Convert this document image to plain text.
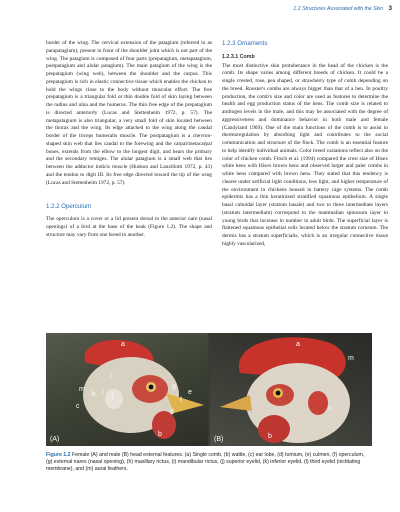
1.2 Structures Associated with the Skin 3

border of the wing. The cervical extension of the patagium (referred to as parapatagium), present in front of the shoulder joint which is not part of the wing. The patagium is composed of four parts (prepatagium, metapatagium, postpatagium and alular patagium). The main patagium of the wing is the prepatagium (wing web), between the shoulder and the carpus. This prepatagium is rich in elastic connective tissue which enables the chicken to hold the wings close to the body without muscular effort. The free prepatagium is a triangular fold or thin double fold of skin laying between the radius and ulna and the humerus. The thin free edge of the prepatagium is directed anteriorly (Lucas and Stettenheim 1972, p. 57). The metapatagium is also triangular, a very small fold of skin located between the thorax and the wing. Its edge attached to the wing along the caudal border of the triceps humeralis muscle. The postpatagium is a chevron-shaped skin web that lies caudal to the forewing and the carpal/metacarpal bones, extends from the elbow to the longest digit, and bears the primary and the secondary remiges. The alular patagium is a small web that lies between the adductor indicis muscle (Hudson and Lanzillotti 1972, p. 43) and the tendon to digit III. Its free edge directed toward the tip of the wing (Lucas and Stettenheim 1972, p. 57).

1.2.2 Operculum

The operculum is a cover or a lid present dorsal to the anterior nare (nasal openings) of a bird at the base of the beak (Figure 1.2). The shape and structure may vary from one breed to another.

1.2.3 Ornaments

1.2.3.1 Comb

The most distinctive skin protuberance in the head of the chicken is the comb. Its shape varies among different breeds of chicken. It could be a single crested, rose, pea shaped, or strawberry type of comb depending on the breed. Rooster's combs are always bigger than that of a hen. In poultry production, the comb's size and color are used as features to determine the health and egg production status of the hens. The comb size is related to androgen levels in the male, and this may be associated with the degree of aggressiveness and dominance behavior in both male and female (Candyland 1969). One of the main functions of the comb is to assist in thermoregulation by absorbing light and contributes to the social communication and structure of the flock. The comb is an essential feature to help identify individual animals. Color breed variations reflect also on the color of chicken comb. Fitsch et al. (1994) compared the crest size of Hisex white hens with Hisex brown hens and observed larger and paler combs in white hens compared with brown hens. They stated that this tendency is clearer under artificial light conditions, less light, and higher temperature of the environment in chickens housed in battery cage systems. The comb epidermis has a thin keratinized stratified squamous epithelium. A single basal cuboidal layer (stratum basale) and two to three intermediate layers (stratum intermedium) correspond to the mammalian spinosum layer in young birds that increase in number in adult birds. The superficial layer is flattened squamous epithelial cells located below the stratum corneum. The dermis has a stratum superficialis, which is an irregular connective tissue highly vascularized,

(A)
m
k l
i
j
c
a
g
e
f
d
b
(B)
a
b
c
m
Figure 1.2 Female (A) and male (B) head external features. (a) Single comb, (b) wattle, (c) ear lobe, (d) tomium, (e) culmen, (f) operculum, (g) external nares (nasal opening), (h) maxillary rictus, (i) mandibular rictus, (j) superior eyelid, (k) inferior eyelid, (l) third eyelid (nictitating membrane), and (m) aural feathers.
